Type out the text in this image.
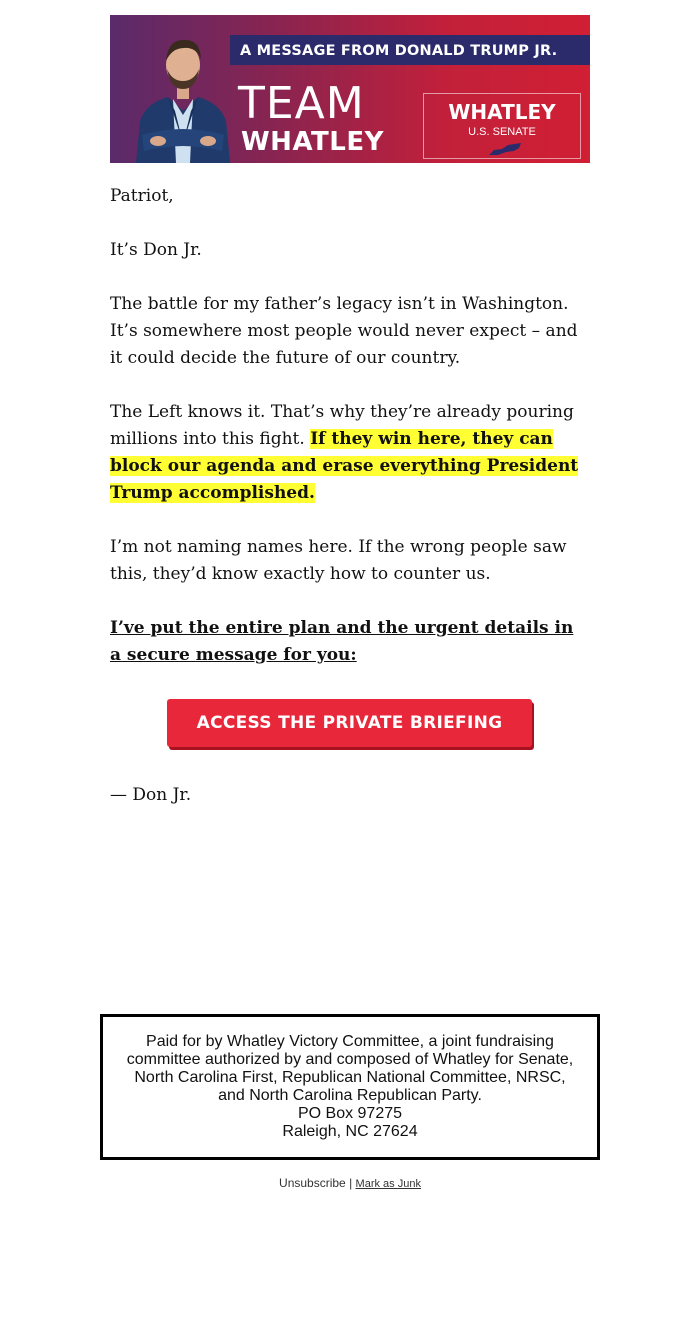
A MESSAGE FROM DONALD TRUMP JR.
TEAM
WHATLEY
WHATLEY
U.S. SENATE
Patriot,
It’s Don Jr.
The battle for my father’s legacy isn’t in Washington. It’s somewhere most people would never expect – and it could decide the future of our country.
The Left knows it. That’s why they’re already pouring millions into this fight. If they win here, they can block our agenda and erase everything President Trump accomplished.
I’m not naming names here. If the wrong people saw this, they’d know exactly how to counter us.
I’ve put the entire plan and the urgent details in a secure message for you:
ACCESS THE PRIVATE BRIEFING
— Don Jr.
Paid for by Whatley Victory Committee, a joint fundraising committee authorized by and composed of Whatley for Senate, North Carolina First, Republican National Committee, NRSC, and North Carolina Republican Party.
PO Box 97275
Raleigh, NC 27624
Unsubscribe | Mark as Junk
